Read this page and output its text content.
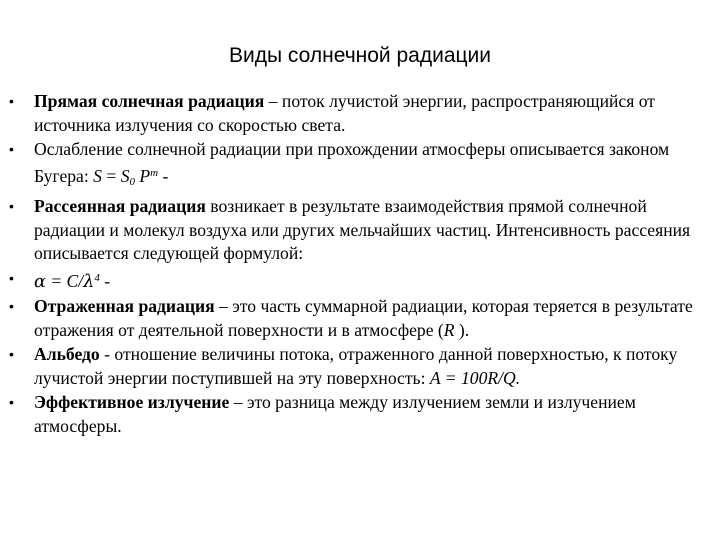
Виды солнечной радиации
• Прямая солнечная радиация – поток лучистой энергии, распространяющийся от источника излучения со скоростью света.
• Ослабление солнечной радиации при прохождении атмосферы описывается законом Бугера: $S = S_0$ $P^m$ -
• Рассеянная радиация возникает в результате взаимодействия прямой солнечной радиации и молекул воздуха или других мельчайших частиц. Интенсивность рассеяния описывается следующей формулой:
• $\alpha = C/\lambda^4$ -
• Отраженная радиация – это часть суммарной радиации, которая теряется в результате отражения от деятельной поверхности и в атмосфере (R ).
• Альбедо - отношение величины потока, отраженного данной поверхностью, к потоку лучистой энергии поступившей на эту поверхность: A = 100R/Q.
• Эффективное излучение – это разница между излучением земли и излучением атмосферы.
